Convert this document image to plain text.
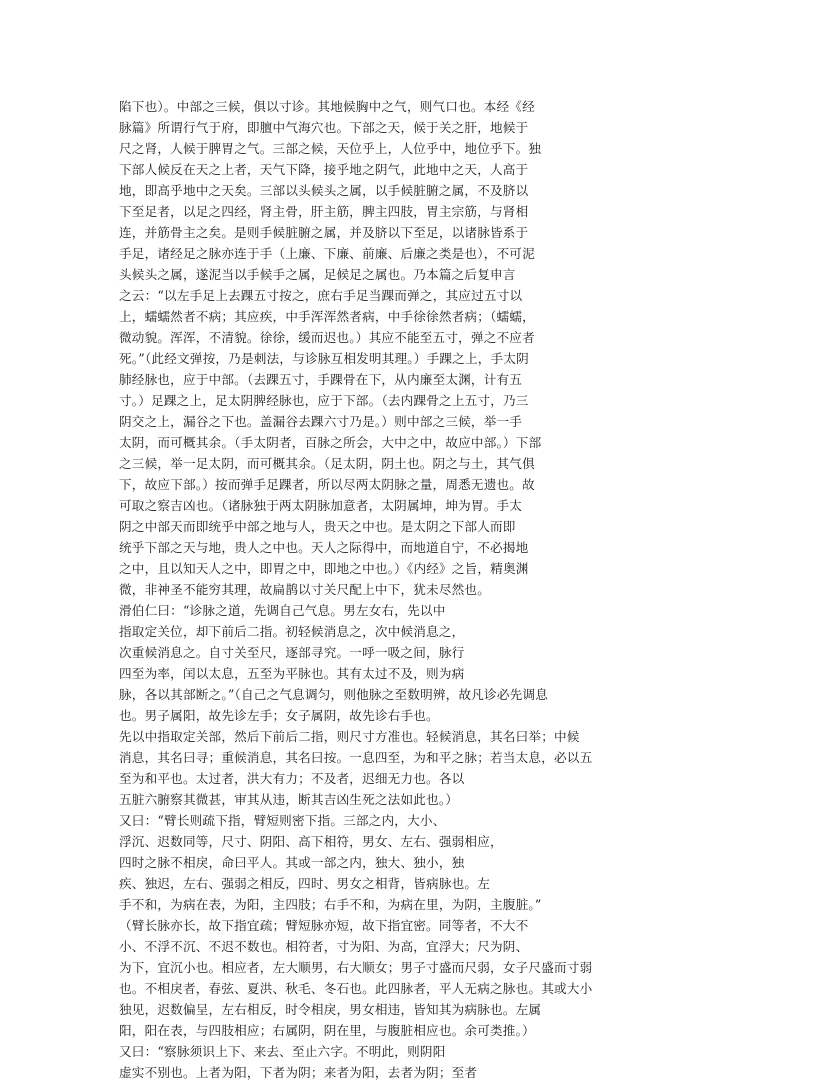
陷下也）。中部之三候，俱以寸诊。其地候胸中之气，则气口也。本经《经
脉篇》所谓行气于府，即膻中气海穴也。下部之天，候于关之肝，地候于
尺之肾，人候于脾胃之气。三部之候，天位乎上，人位乎中，地位乎下。独
下部人候反在天之上者，天气下降，接乎地之阴气，此地中之天，人高于
地，即高乎地中之天矣。三部以头候头之属，以手候脏腑之属，不及脐以
下至足者，以足之四经，肾主骨，肝主筋，脾主四肢，胃主宗筋，与肾相
连，并筋骨主之矣。是则手候脏腑之属，并及脐以下至足，以诸脉皆系于
手足，诸经足之脉亦连于手（上廉、下廉、前廉、后廉之类是也），不可泥
头候头之属，遂泥当以手候手之属，足候足之属也。乃本篇之后复申言
之云：“以左手足上去踝五寸按之，庶右手足当踝而弹之，其应过五寸以
上，蠕蠕然者不病；其应疾，中手浑浑然者病，中手徐徐然者病；（蠕蠕，
微动貌。浑浑，不清貌。徐徐，缓而迟也。）其应不能至五寸，弹之不应者
死。”（此经文弹按，乃是刺法，与诊脉互相发明其理。）手踝之上，手太阴
肺经脉也，应于中部。（去踝五寸，手踝骨在下，从内廉至太渊，计有五
寸。）足踝之上，足太阴脾经脉也，应于下部。（去内踝骨之上五寸，乃三
阴交之上，漏谷之下也。盖漏谷去踝六寸乃是。）则中部之三候，举一手
太阴，而可概其余。（手太阴者，百脉之所会，大中之中，故应中部。）下部
之三候，举一足太阴，而可概其余。（足太阴，阴土也。阴之与土，其气俱
下，故应下部。）按而弹手足踝者，所以尽两太阴脉之量，周悉无遗也。故
可取之察吉凶也。（诸脉独于两太阴脉加意者，太阴属坤，坤为胃。手太
阴之中部天而即统乎中部之地与人，贵天之中也。是太阴之下部人而即
统乎下部之天与地，贵人之中也。天人之际得中，而地道自宁，不必揭地
之中，且以知天人之中，即胃之中，即地之中也。）《内经》之旨，精奥渊
微，非神圣不能穷其理，故扁鹊以寸关尺配上中下，犹未尽然也。
滑伯仁曰：“诊脉之道，先调自己气息。男左女右，先以中
指取定关位，却下前后二指。初轻候消息之，次中候消息之，
次重候消息之。自寸关至尺，逐部寻究。一呼一吸之间，脉行
四至为率，闰以太息，五至为平脉也。其有太过不及，则为病
脉，各以其部断之。”（自己之气息调匀，则他脉之至数明辨，故凡诊必先调息
也。男子属阳，故先诊左手；女子属阴，故先诊右手也。
先以中指取定关部，然后下前后二指，则尺寸方准也。轻候消息，其名曰举；中候
消息，其名曰寻；重候消息，其名曰按。一息四至，为和平之脉；若当太息，必以五
至为和平也。太过者，洪大有力；不及者，迟细无力也。各以
五脏六腑察其微甚，审其从违，断其吉凶生死之法如此也。）
又曰：“臂长则疏下指，臂短则密下指。三部之内，大小、
浮沉、迟数同等，尺寸、阴阳、高下相符，男女、左右、强弱相应，
四时之脉不相戾，命曰平人。其或一部之内，独大、独小，独
疾、独迟，左右、强弱之相反，四时、男女之相背，皆病脉也。左
手不和，为病在表，为阳，主四肢；右手不和，为病在里，为阴，主腹脏。”
（臂长脉亦长，故下指宜疏；臂短脉亦短，故下指宜密。同等者，不大不
小、不浮不沉、不迟不数也。相符者，寸为阳、为高，宜浮大；尺为阴、
为下，宜沉小也。相应者，左大顺男，右大顺女；男子寸盛而尺弱，女子尺盛而寸弱
也。不相戾者，春弦、夏洪、秋毛、冬石也。此四脉者，平人无病之脉也。其或大小
独见，迟数偏呈，左右相反，时令相戾，男女相违，皆知其为病脉也。左属
阳，阳在表，与四肢相应；右属阴，阴在里，与腹脏相应也。余可类推。）
又曰：“察脉须识上下、来去、至止六字。不明此，则阴阳
虚实不别也。上者为阳，下者为阴；来者为阳，去者为阴；至者
